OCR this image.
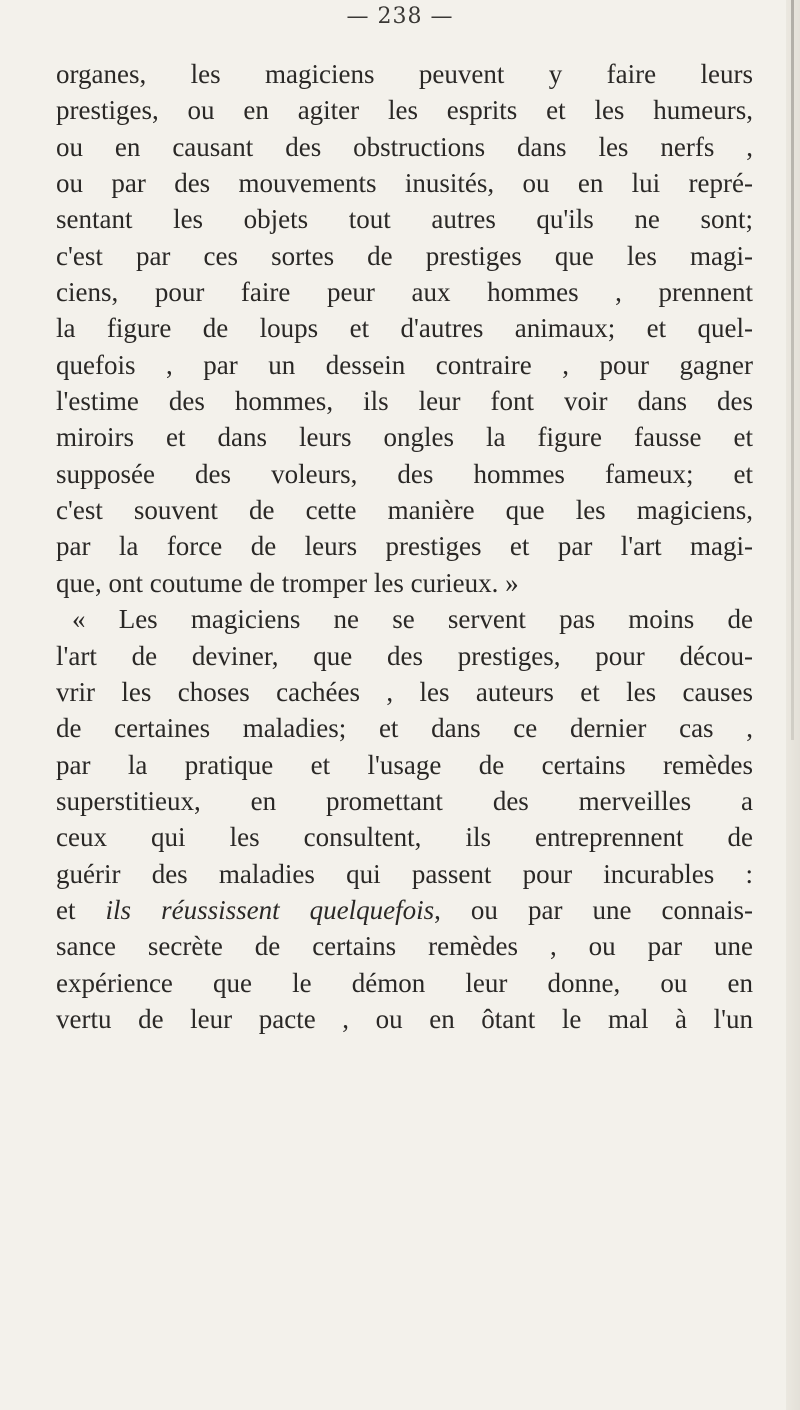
— 238 —
organes, les magiciens peuvent y faire leurs
prestiges, ou en agiter les esprits et les humeurs,
ou en causant des obstructions dans les nerfs ,
ou par des mouvements inusités, ou en lui repré-
sentant les objets tout autres qu'ils ne sont;
c'est par ces sortes de prestiges que les magi-
ciens, pour faire peur aux hommes , prennent
la figure de loups et d'autres animaux; et quel-
quefois , par un dessein contraire , pour gagner
l'estime des hommes, ils leur font voir dans des
miroirs et dans leurs ongles la figure fausse et
supposée des voleurs, des hommes fameux; et
c'est souvent de cette manière que les magiciens,
par la force de leurs prestiges et par l'art magi-
que, ont coutume de tromper les curieux. »
« Les magiciens ne se servent pas moins de
l'art de deviner, que des prestiges, pour décou-
vrir les choses cachées , les auteurs et les causes
de certaines maladies; et dans ce dernier cas ,
par la pratique et l'usage de certains remèdes
superstitieux, en promettant des merveilles a
ceux qui les consultent, ils entreprennent de
guérir des maladies qui passent pour incurables :
et ils réussissent quelquefois, ou par une connais-
sance secrète de certains remèdes , ou par une
expérience que le démon leur donne, ou en
vertu de leur pacte , ou en ôtant le mal à l'un
